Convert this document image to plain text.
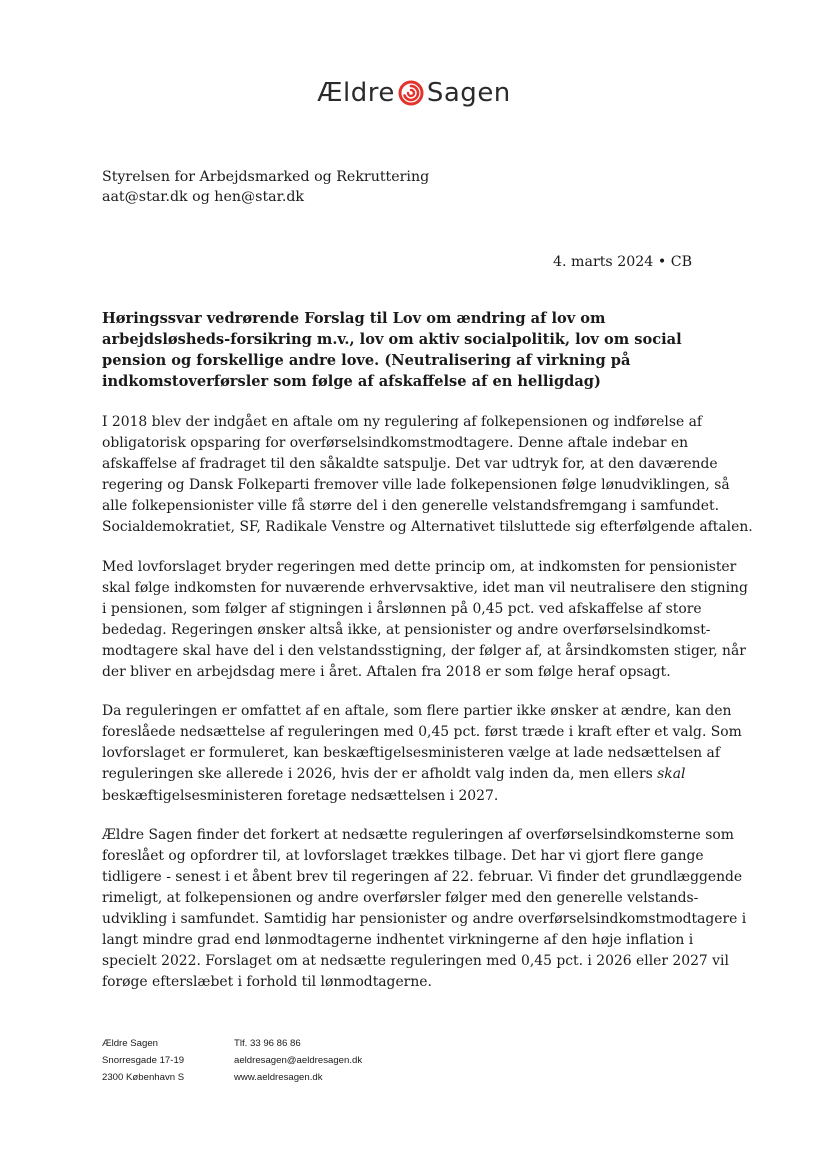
Ældre Sagen
Styrelsen for Arbejdsmarked og Rekruttering
aat@star.dk og hen@star.dk
4. marts 2024 • CB
Høringssvar vedrørende Forslag til Lov om ændring af lov om arbejdsløsheds-forsikring m.v., lov om aktiv socialpolitik, lov om social pension og forskellige andre love. (Neutralisering af virkning på indkomstoverførsler som følge af afskaffelse af en helligdag)

I 2018 blev der indgået en aftale om ny regulering af folkepensionen og indførelse af
obligatorisk opsparing for overførselsindkomstmodtagere. Denne aftale indebar en
afskaffelse af fradraget til den såkaldte satspulje. Det var udtryk for, at den daværende
regering og Dansk Folkeparti fremover ville lade folkepensionen følge lønudviklingen, så
alle folkepensionister ville få større del i den generelle velstandsfremgang i samfundet.
Socialdemokratiet, SF, Radikale Venstre og Alternativet tilsluttede sig efterfølgende aftalen.

Med lovforslaget bryder regeringen med dette princip om, at indkomsten for pensionister
skal følge indkomsten for nuværende erhvervsaktive, idet man vil neutralisere den stigning
i pensionen, som følger af stigningen i årslønnen på 0,45 pct. ved afskaffelse af store
bededag. Regeringen ønsker altså ikke, at pensionister og andre overførselsindkomst-
modtagere skal have del i den velstandsstigning, der følger af, at årsindkomsten stiger, når
der bliver en arbejdsdag mere i året. Aftalen fra 2018 er som følge heraf opsagt.

Da reguleringen er omfattet af en aftale, som flere partier ikke ønsker at ændre, kan den
foreslåede nedsættelse af reguleringen med 0,45 pct. først træde i kraft efter et valg. Som
lovforslaget er formuleret, kan beskæftigelsesministeren vælge at lade nedsættelsen af
reguleringen ske allerede i 2026, hvis der er afholdt valg inden da, men ellers skal
beskæftigelsesministeren foretage nedsættelsen i 2027.

Ældre Sagen finder det forkert at nedsætte reguleringen af overførselsindkomsterne som
foreslået og opfordrer til, at lovforslaget trækkes tilbage. Det har vi gjort flere gange
tidligere - senest i et åbent brev til regeringen af 22. februar. Vi finder det grundlæggende
rimeligt, at folkepensionen og andre overførsler følger med den generelle velstands-
udvikling i samfundet. Samtidig har pensionister og andre overførselsindkomstmodtagere i
langt mindre grad end lønmodtagerne indhentet virkningerne af den høje inflation i
specielt 2022. Forslaget om at nedsætte reguleringen med 0,45 pct. i 2026 eller 2027 vil
forøge efterslæbet i forhold til lønmodtagerne.

Ældre Sagen
Snorresgade 17-19
2300 København S
Tlf. 33 96 86 86
aeldresagen@aeldresagen.dk
www.aeldresagen.dk
